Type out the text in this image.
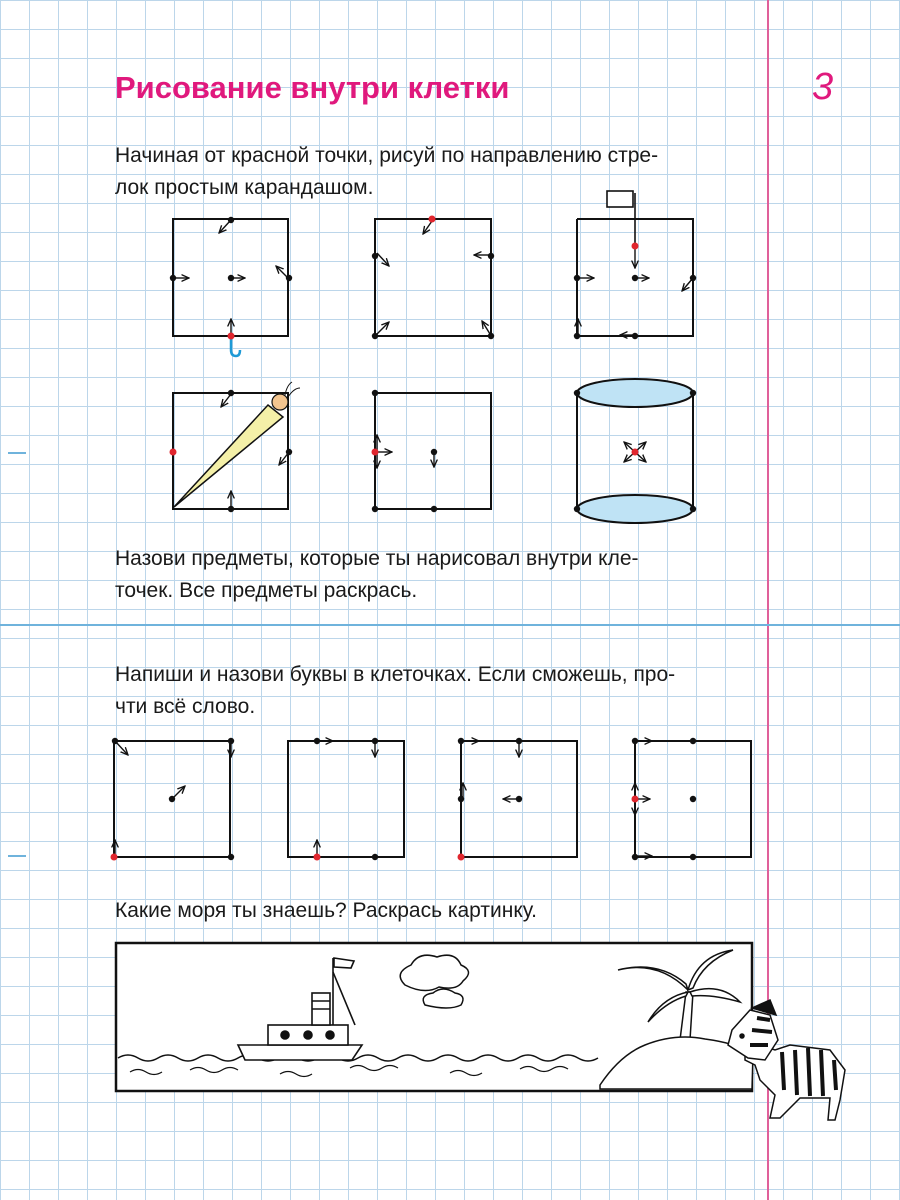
Рисование внутри клетки	3
Начиная от красной точки, рисуй по направлению стре-
лок простым карандашом.
Назови предметы, которые ты нарисовал внутри кле-
точек. Все предметы раскрась.
Напиши и назови буквы в клеточках. Если сможешь, про-
чти всё слово.
Какие моря ты знаешь? Раскрась картинку.
